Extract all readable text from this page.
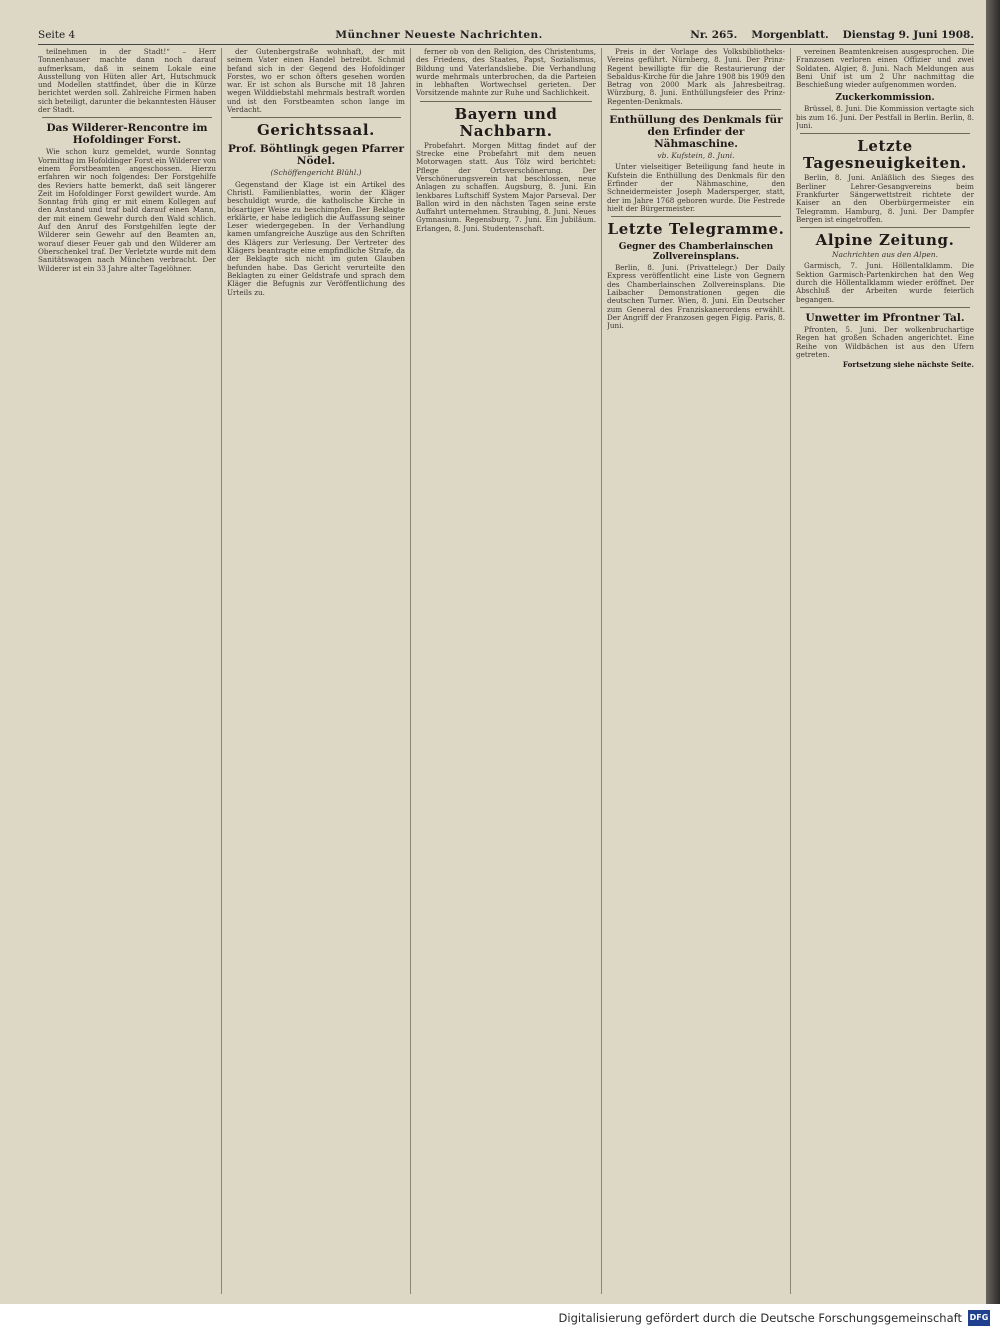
Seite 4	Münchner Neueste Nachrichten.	Nr. 265. Morgenblatt. Dienstag 9. Juni 1908.

teilnehmen in der Stadt!“ – Herr Tonnenhauser machte dann noch darauf aufmerksam, daß in seinem Lokale eine Ausstellung von Hüten aller Art, Hutschmuck und Modellen stattfindet, über die in Kürze berichtet werden soll. Zahlreiche Firmen haben sich beteiligt, darunter die bekanntesten Häuser der Stadt.

Das Wilderer-Rencontre im Hofoldinger Forst.

Wie schon kurz gemeldet, wurde Sonntag Vormittag im Hofoldinger Forst ein Wilderer von einem Forstbeamten angeschossen. Hierzu erfahren wir noch folgendes: Der Forstgehilfe des Reviers hatte bemerkt, daß seit längerer Zeit im Hofoldinger Forst gewildert wurde. Am Sonntag früh ging er mit einem Kollegen auf den Anstand und traf bald darauf einen Mann, der mit einem Gewehr durch den Wald schlich. Auf den Anruf des Forstgehilfen legte der Wilderer sein Gewehr auf den Beamten an, worauf dieser Feuer gab und den Wilderer am Oberschenkel traf. Der Verletzte wurde mit dem Sanitätswagen nach München verbracht. Der Wilderer ist ein 33 Jahre alter Tagelöhner.

der Gutenbergstraße wohnhaft, der mit seinem Vater einen Handel betreibt. Schmid befand sich in der Gegend des Hofoldinger Forstes, wo er schon öfters gesehen worden war. Er ist schon als Bursche mit 18 Jahren wegen Wilddiebstahl mehrmals bestraft worden und ist den Forstbeamten schon lange im Verdacht.

Gerichtssaal.
Prof. Böhtlingk gegen Pfarrer Nödel.
(Schöffengericht Blühl.)

Gegenstand der Klage ist ein Artikel des Christl. Familienblattes, worin der Kläger beschuldigt wurde, die katholische Kirche in bösartiger Weise zu beschimpfen. Der Beklagte erklärte, er habe lediglich die Auffassung seiner Leser wiedergegeben. In der Verhandlung kamen umfangreiche Auszüge aus den Schriften des Klägers zur Verlesung. Der Vertreter des Klägers beantragte eine empfindliche Strafe, da der Beklagte sich nicht im guten Glauben befunden habe. Das Gericht verurteilte den Beklagten zu einer Geldstrafe und sprach dem Kläger die Befugnis zur Veröffentlichung des Urteils zu.

ferner ob von den Religion, des Christentums, des Friedens, des Staates, Papst, Sozialismus, Bildung und Vaterlandsliebe. Die Verhandlung wurde mehrmals unterbrochen, da die Parteien in lebhaften Wortwechsel gerieten. Der Vorsitzende mahnte zur Ruhe und Sachlichkeit.

Bayern und Nachbarn.

Probefahrt. Morgen Mittag findet auf der Strecke eine Probefahrt mit dem neuen Motorwagen statt. Aus Tölz wird berichtet: Pflege der Ortsverschönerung. Der Verschönerungsverein hat beschlossen, neue Anlagen zu schaffen. Augsburg, 8. Juni. Ein lenkbares Luftschiff System Major Parseval. Der Ballon wird in den nächsten Tagen seine erste Auffahrt unternehmen. Straubing, 8. Juni. Neues Gymnasium. Regensburg, 7. Juni. Ein Jubiläum. Erlangen, 8. Juni. Studentenschaft.

Preis in der Vorlage des Volksbibliotheks-Vereins geführt. Nürnberg, 8. Juni. Der Prinz-Regent bewilligte für die Restaurierung der Sebaldus-Kirche für die Jahre 1908 bis 1909 den Betrag von 2000 Mark als Jahresbeitrag. Würzburg, 8. Juni. Enthüllungsfeier des Prinz-Regenten-Denkmals.

Enthüllung des Denkmals für den Erfinder der Nähmaschine.
vb. Kufstein, 8. Juni.

Unter vielseitiger Beteiligung fand heute in Kufstein die Enthüllung des Denkmals für den Erfinder der Nähmaschine, den Schneidermeister Joseph Madersperger, statt, der im Jahre 1768 geboren wurde. Die Festrede hielt der Bürgermeister.

Letzte Telegramme.
Gegner des Chamberlainschen Zollvereinsplans.

Berlin, 8. Juni. (Privattelegr.) Der Daily Express veröffentlicht eine Liste von Gegnern des Chamberlainschen Zollvereinsplans. Die Laibacher Demonstrationen gegen die deutschen Turner. Wien, 8. Juni. Ein Deutscher zum General des Franziskanerordens erwählt. Der Angriff der Franzosen gegen Figig. Paris, 8. Juni.

vereinen Beamtenkreisen ausgesprochen. Die Franzosen verloren einen Offizier und zwei Soldaten. Algier, 8. Juni. Nach Meldungen aus Beni Unif ist um 2 Uhr nachmittag die Beschießung wieder aufgenommen worden.

Zuckerkommission.

Brüssel, 8. Juni. Die Kommission vertagte sich bis zum 16. Juni. Der Pestfall in Berlin. Berlin, 8. Juni.

Letzte Tagesneuigkeiten.

Berlin, 8. Juni. Anläßlich des Sieges des Berliner Lehrer-Gesangvereins beim Frankfurter Sängerwettstreit richtete der Kaiser an den Oberbürgermeister ein Telegramm. Hamburg, 8. Juni. Der Dampfer Bergen ist eingetroffen.

Alpine Zeitung.
Nachrichten aus den Alpen.

Garmisch, 7. Juni. Höllentalklamm. Die Sektion Garmisch-Partenkirchen hat den Weg durch die Höllentalklamm wieder eröffnet. Der Abschluß der Arbeiten wurde feierlich begangen.

Unwetter im Pfrontner Tal.

Pfronten, 5. Juni. Der wolkenbruchartige Regen hat großen Schaden angerichtet. Eine Reihe von Wildbächen ist aus den Ufern getreten.

Fortsetzung siehe nächste Seite.

Digitalisierung gefördert durch die Deutsche Forschungsgemeinschaft DFG
